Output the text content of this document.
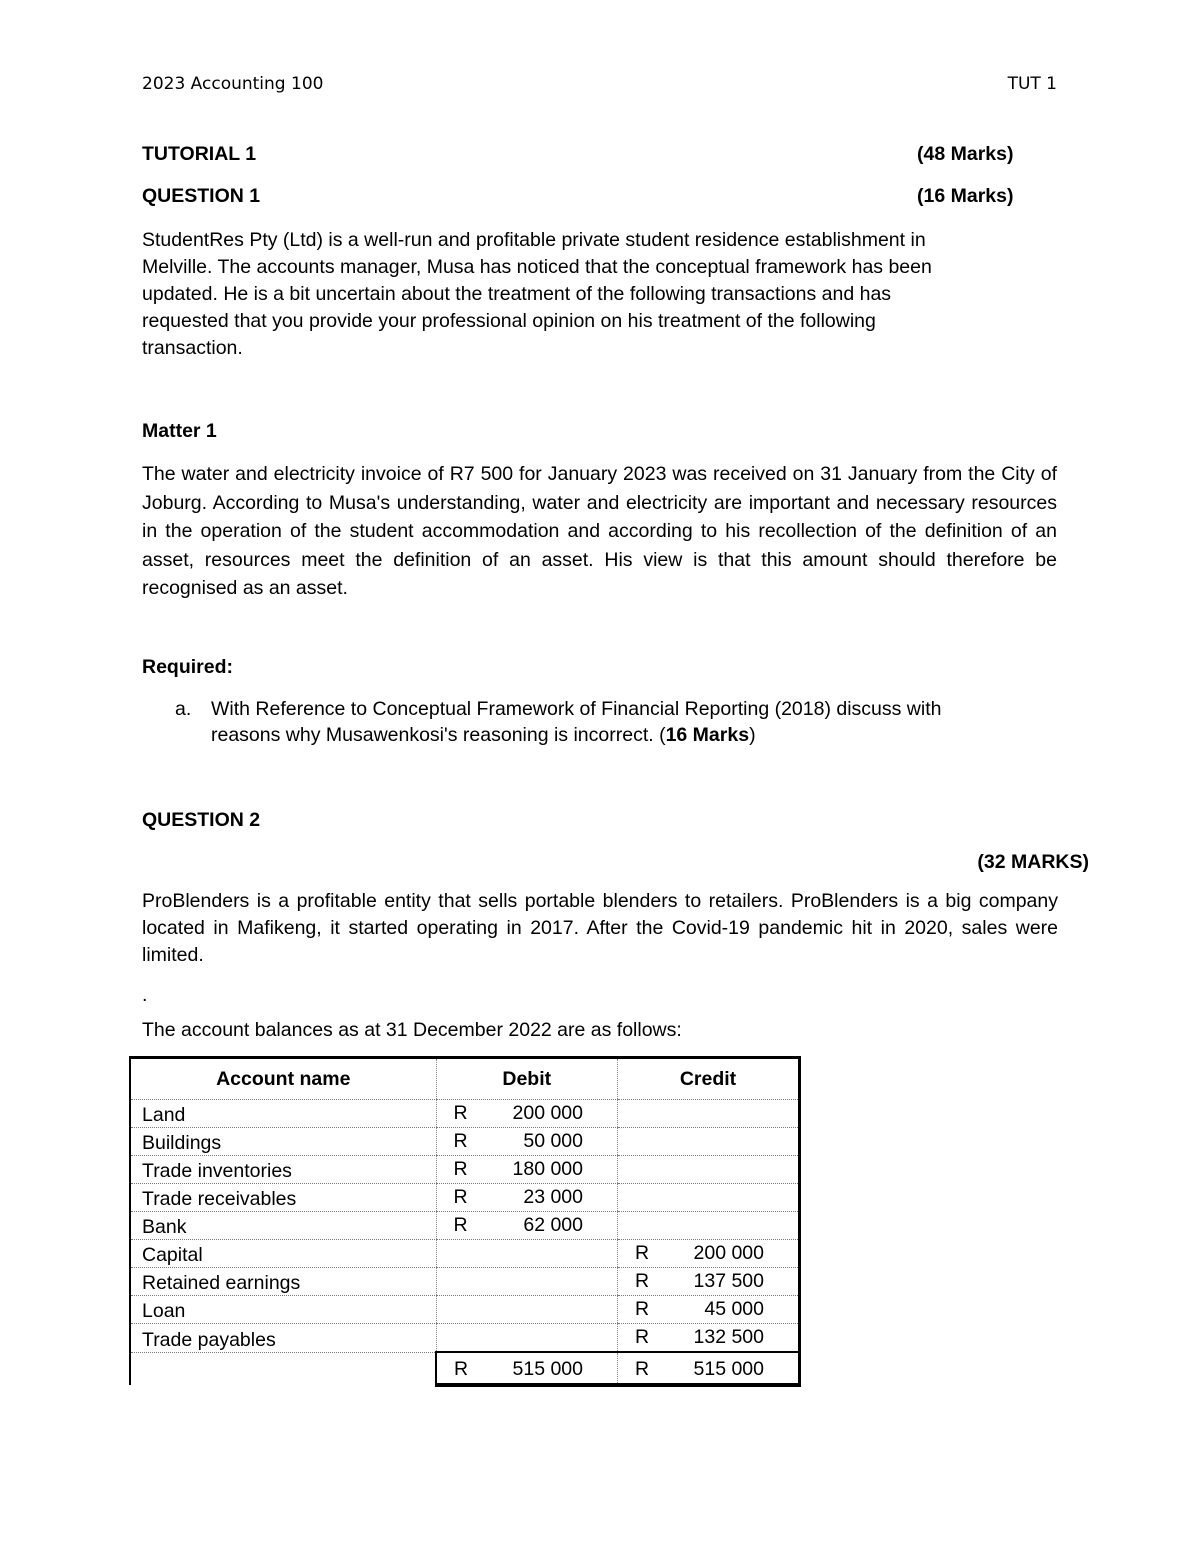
2023 Accounting 100	TUT 1
TUTORIAL 1	(48 Marks)
QUESTION 1	(16 Marks)
StudentRes Pty (Ltd) is a well-run and profitable private student residence establishment in
Melville. The accounts manager, Musa has noticed that the conceptual framework has been
updated. He is a bit uncertain about the treatment of the following transactions and has
requested that you provide your professional opinion on his treatment of the following
transaction.
Matter 1
The water and electricity invoice of R7 500 for January 2023 was received on 31 January from the City of Joburg. According to Musa's understanding, water and electricity are important and necessary resources in the operation of the student accommodation and according to his recollection of the definition of an asset, resources meet the definition of an asset. His view is that this amount should therefore be recognised as an asset.
Required:
a. With Reference to Conceptual Framework of Financial Reporting (2018) discuss with
reasons why Musawenkosi's reasoning is incorrect. (16 Marks)
QUESTION 2
(32 MARKS)
ProBlenders is a profitable entity that sells portable blenders to retailers. ProBlenders is a big company located in Mafikeng, it started operating in 2017. After the Covid-19 pandemic hit in 2020, sales were limited.
.
The account balances as at 31 December 2022 are as follows:
Account name	Debit	Credit
Land	R 200 000	

Buildings	R 50 000	

Trade inventories	R 180 000	

Trade receivables	R 23 000	

Bank	R 62 000	

Capital		R 200 000

Retained earnings		R 137 500

Loan		R 45 000

Trade payables		R 132 500

	R 515 000	R 515 000
